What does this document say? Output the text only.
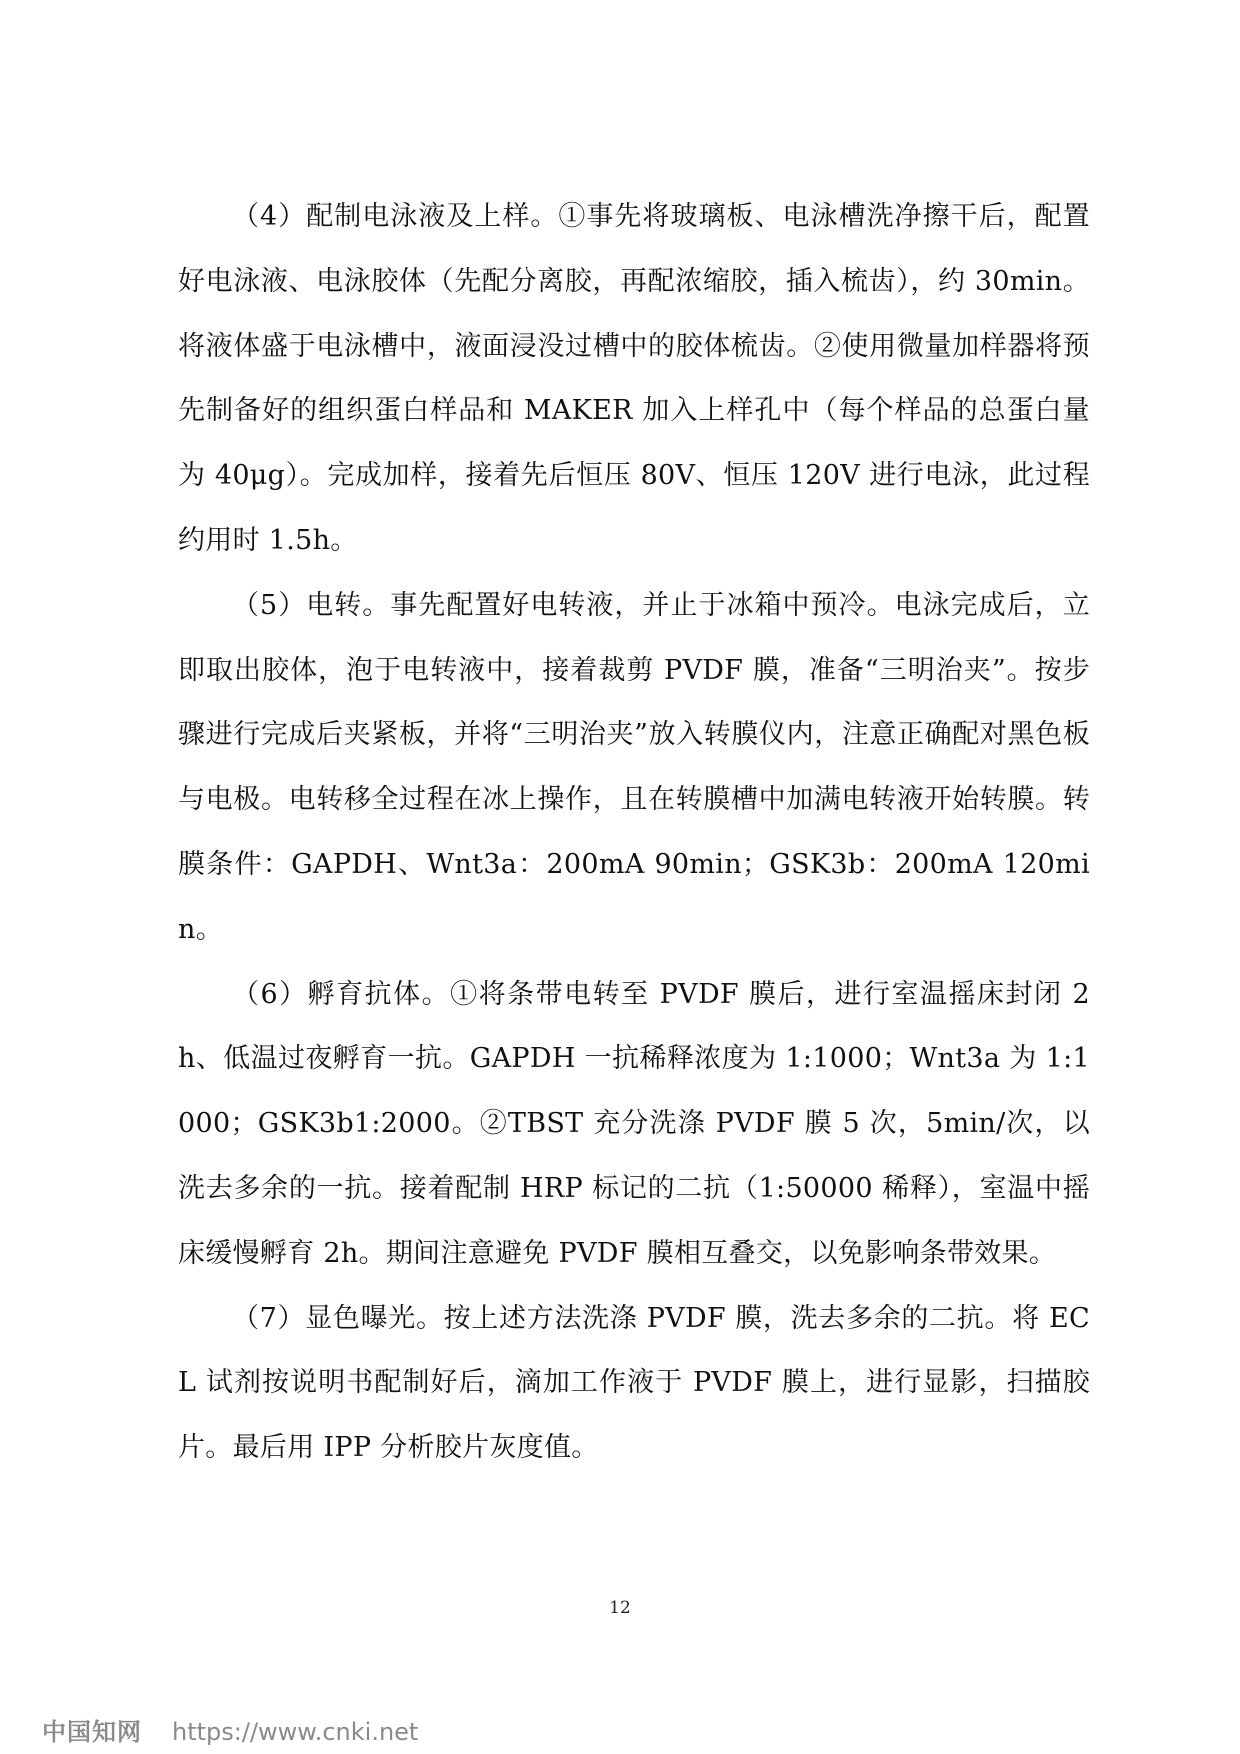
（4）配制电泳液及上样。①事先将玻璃板、电泳槽洗净擦干后，配置好电泳液、电泳胶体（先配分离胶，再配浓缩胶，插入梳齿），约 30min。将液体盛于电泳槽中，液面浸没过槽中的胶体梳齿。②使用微量加样器将预先制备好的组织蛋白样品和 MAKER 加入上样孔中（每个样品的总蛋白量为 40μg）。完成加样，接着先后恒压 80V、恒压 120V 进行电泳，此过程约用时 1.5h。

（5）电转。事先配置好电转液，并止于冰箱中预冷。电泳完成后，立即取出胶体，泡于电转液中，接着裁剪 PVDF 膜，准备“三明治夹”。按步骤进行完成后夹紧板，并将“三明治夹”放入转膜仪内，注意正确配对黑色板与电极。电转移全过程在冰上操作，且在转膜槽中加满电转液开始转膜。转膜条件：GAPDH、Wnt3a：200mA 90min；GSK3b：200mA 120min。

（6）孵育抗体。①将条带电转至 PVDF 膜后，进行室温摇床封闭 2h、低温过夜孵育一抗。GAPDH 一抗稀释浓度为 1:1000；Wnt3a 为 1:1000；GSK3b1:2000。②TBST 充分洗涤 PVDF 膜 5 次，5min/次，以洗去多余的一抗。接着配制 HRP 标记的二抗（1:50000 稀释），室温中摇床缓慢孵育 2h。期间注意避免 PVDF 膜相互叠交，以免影响条带效果。

（7）显色曝光。按上述方法洗涤 PVDF 膜，洗去多余的二抗。将 ECL 试剂按说明书配制好后，滴加工作液于 PVDF 膜上，进行显影，扫描胶片。最后用 IPP 分析胶片灰度值。

12
中国知网 https://www.cnki.net
